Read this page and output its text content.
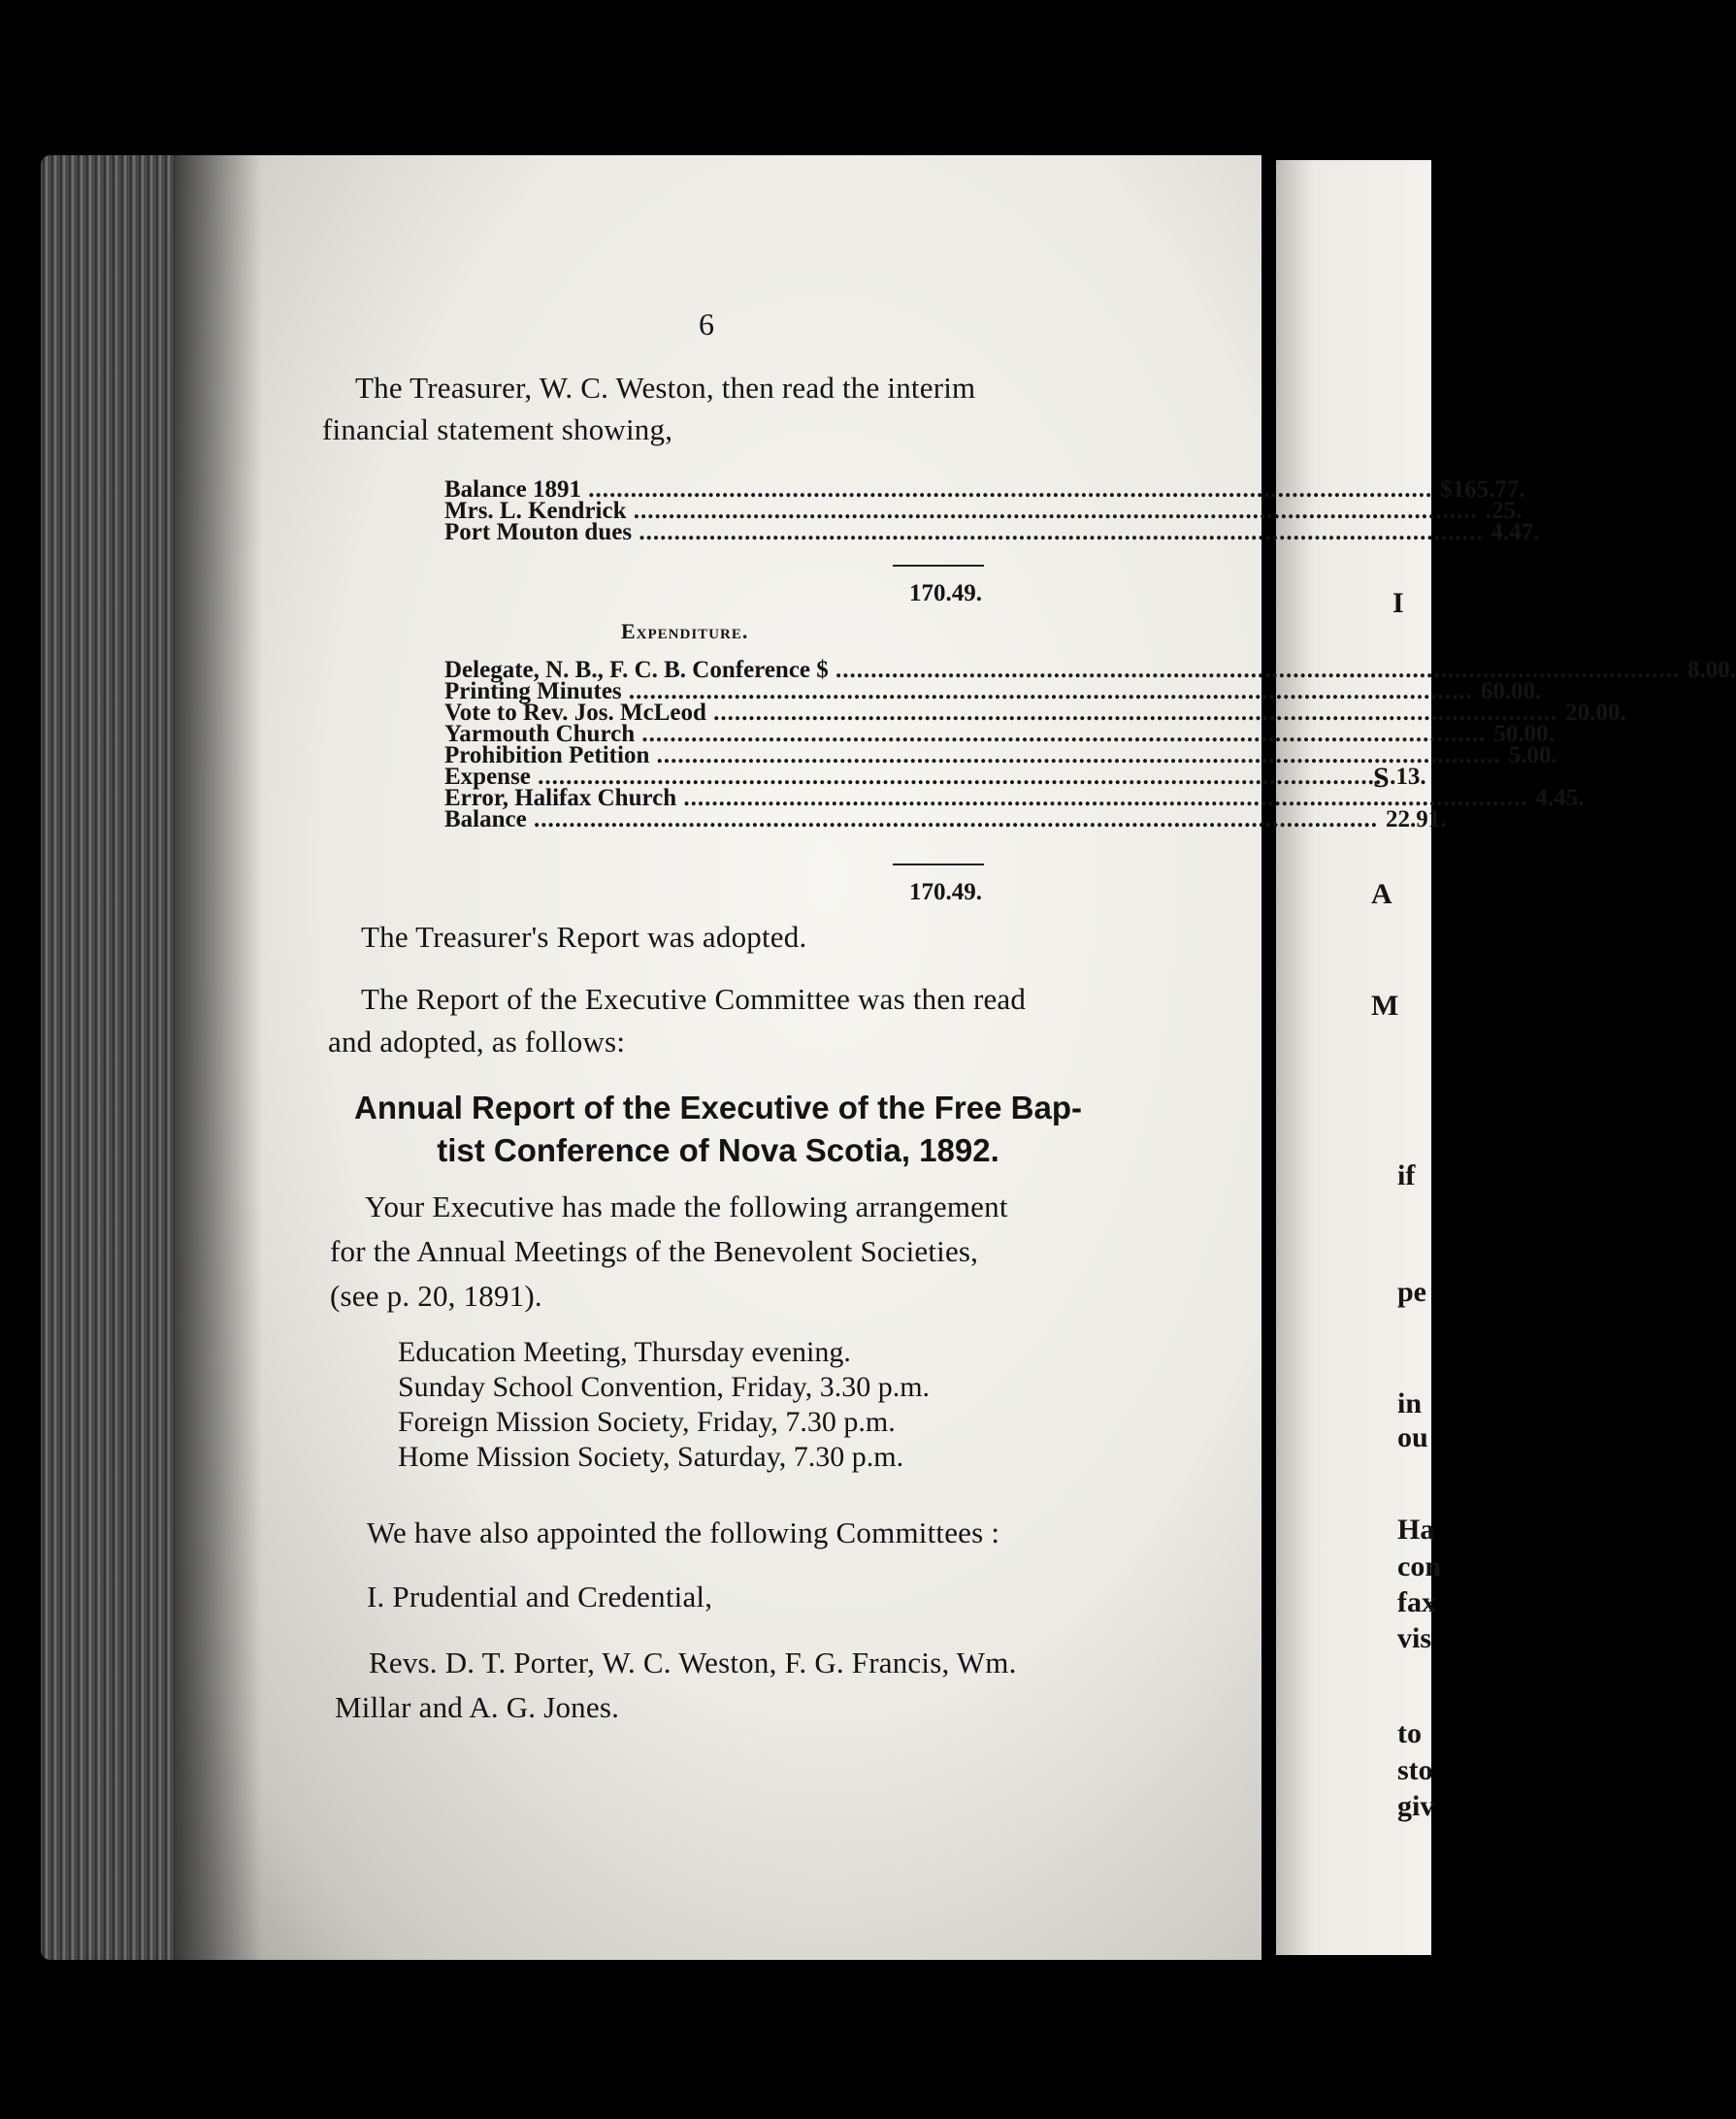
I
S
A
M
if
pe
in
ou
Ha
con
fax
vis
to
sto
giv
6
The Treasurer, W. C. Weston, then read the interim
financial statement showing,
Balance 1891 .....	$165.77.
Mrs. L. Kendrick .....	.25.
Port Mouton dues .....	4.47.
170.49.
Expenditure.
Delegate, N. B., F. C. B. Conference $ .....	8.00.
Printing Minutes .....	60.00.
Vote to Rev. Jos. McLeod .....	20.00.
Yarmouth Church .....	50.00.
Prohibition Petition .....	5.00.
Expense .....	.13.
Error, Halifax Church .....	4.45.
Balance .....	22.91.
170.49.
The Treasurer's Report was adopted.
The Report of the Executive Committee was then read
and adopted, as follows:
Annual Report of the Executive of the Free Bap-
tist Conference of Nova Scotia, 1892.
Your Executive has made the following arrangement
for the Annual Meetings of the Benevolent Societies,
(see p. 20, 1891).
Education Meeting, Thursday evening.
Sunday School Convention, Friday, 3.30 p.m.
Foreign Mission Society, Friday, 7.30 p.m.
Home Mission Society, Saturday, 7.30 p.m.
We have also appointed the following Committees :
I. Prudential and Credential,
Revs. D. T. Porter, W. C. Weston, F. G. Francis, Wm.
Millar and A. G. Jones.
